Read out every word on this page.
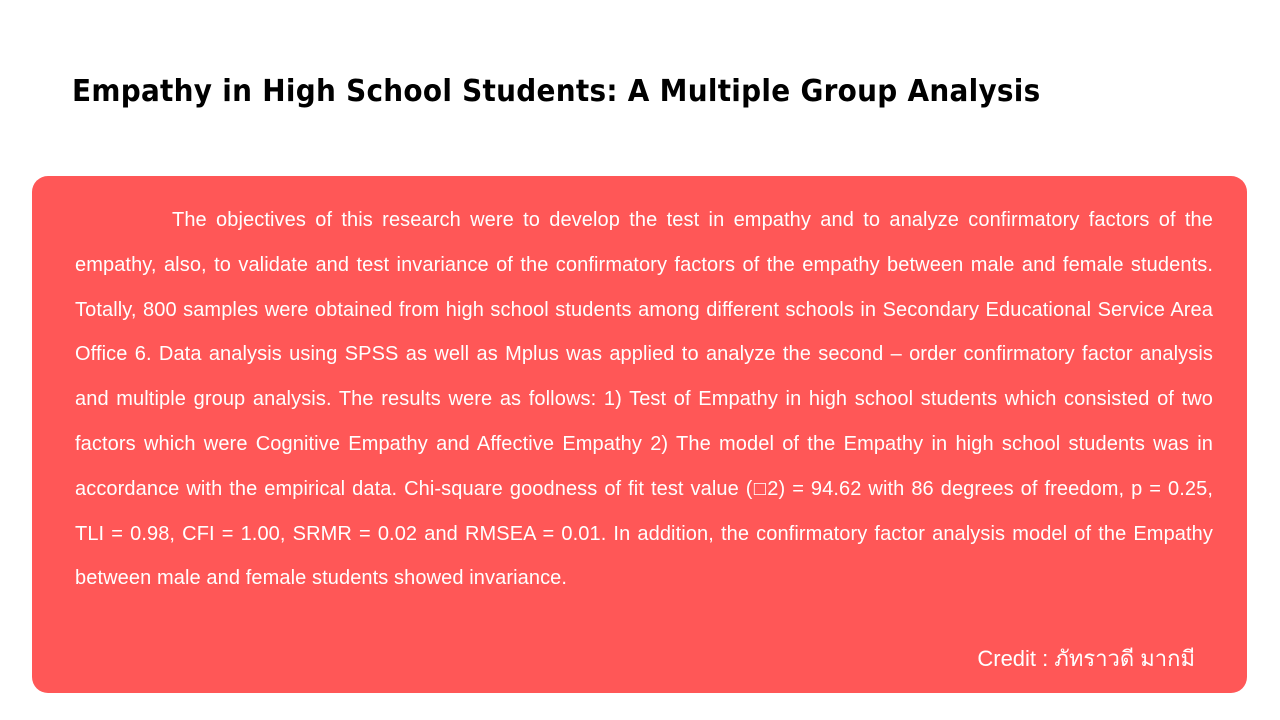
Empathy in High School Students: A Multiple Group Analysis

The objectives of this research were to develop the test in empathy and to analyze confirmatory factors of the empathy, also, to validate and test invariance of the confirmatory factors of the empathy between male and female students. Totally, 800 samples were obtained from high school students among different schools in Secondary Educational Service Area Office 6. Data analysis using SPSS as well as Mplus was applied to analyze the second – order confirmatory factor analysis and multiple group analysis. The results were as follows: 1) Test of Empathy in high school students which consisted of two factors which were Cognitive Empathy and Affective Empathy 2) The model of the Empathy in high school students was in accordance with the empirical data. Chi-square goodness of fit test value (□2) = 94.62 with 86 degrees of freedom, p = 0.25, TLI = 0.98, CFI = 1.00, SRMR = 0.02 and RMSEA = 0.01. In addition, the confirmatory factor analysis model of the Empathy between male and female students showed invariance.

Credit : ภัทราวดี มากมี
